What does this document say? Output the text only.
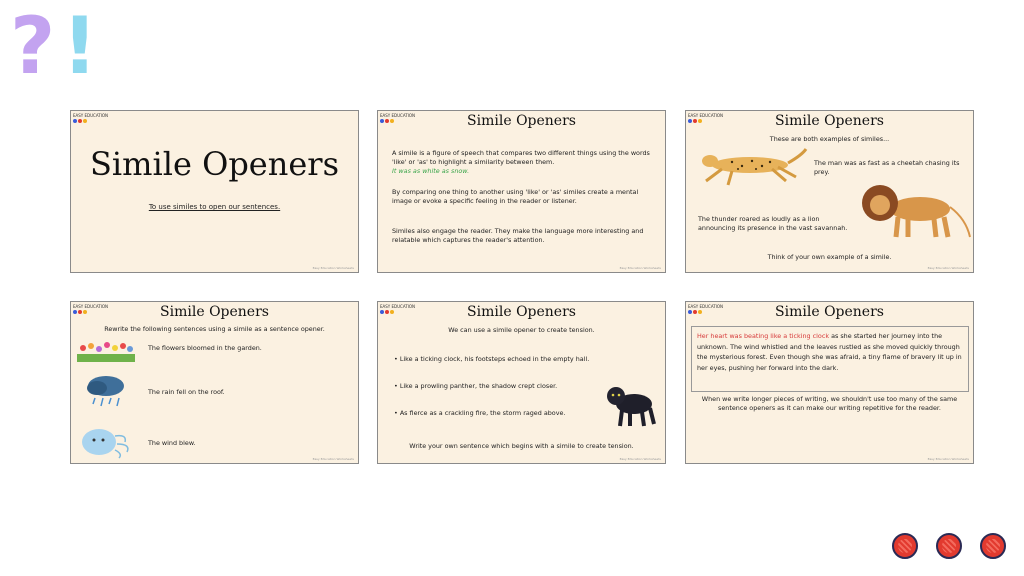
? !
EASY EDUCATION
Simile Openers
To use similes to open our sentences.
Easy Education Worksheets
EASY EDUCATION	Simile Openers
A simile is a figure of speech that compares two different things using the words 'like' or 'as' to highlight a similarity between them.
It was as white as snow.
By comparing one thing to another using 'like' or 'as' similes create a mental image or evoke a specific feeling in the reader or listener.
Similes also engage the reader. They make the language more interesting and relatable which captures the reader's attention.
Easy Education Worksheets
EASY EDUCATION	Simile Openers
These are both examples of similes...
The man was as fast as a cheetah chasing its prey.
The thunder roared as loudly as a lion announcing its presence in the vast savannah.
Think of your own example of a simile.
Easy Education Worksheets
EASY EDUCATION	Simile Openers
Rewrite the following sentences using a simile as a sentence opener.
The flowers bloomed in the garden.
The rain fell on the roof.
The wind blew.
Easy Education Worksheets
EASY EDUCATION	Simile Openers
We can use a simile opener to create tension.
• Like a ticking clock, his footsteps echoed in the empty hall.
• Like a prowling panther, the shadow crept closer.
• As fierce as a crackling fire, the storm raged above.
Write your own sentence which begins with a simile to create tension.
Easy Education Worksheets
EASY EDUCATION	Simile Openers
Her heart was beating like a ticking clock as she started her journey into the unknown. The wind whistled and the leaves rustled as she moved quickly through the mysterious forest. Even though she was afraid, a tiny flame of bravery lit up in her eyes, pushing her forward into the dark.
When we write longer pieces of writing, we shouldn't use too many of the same sentence openers as it can make our writing repetitive for the reader.
Easy Education Worksheets
